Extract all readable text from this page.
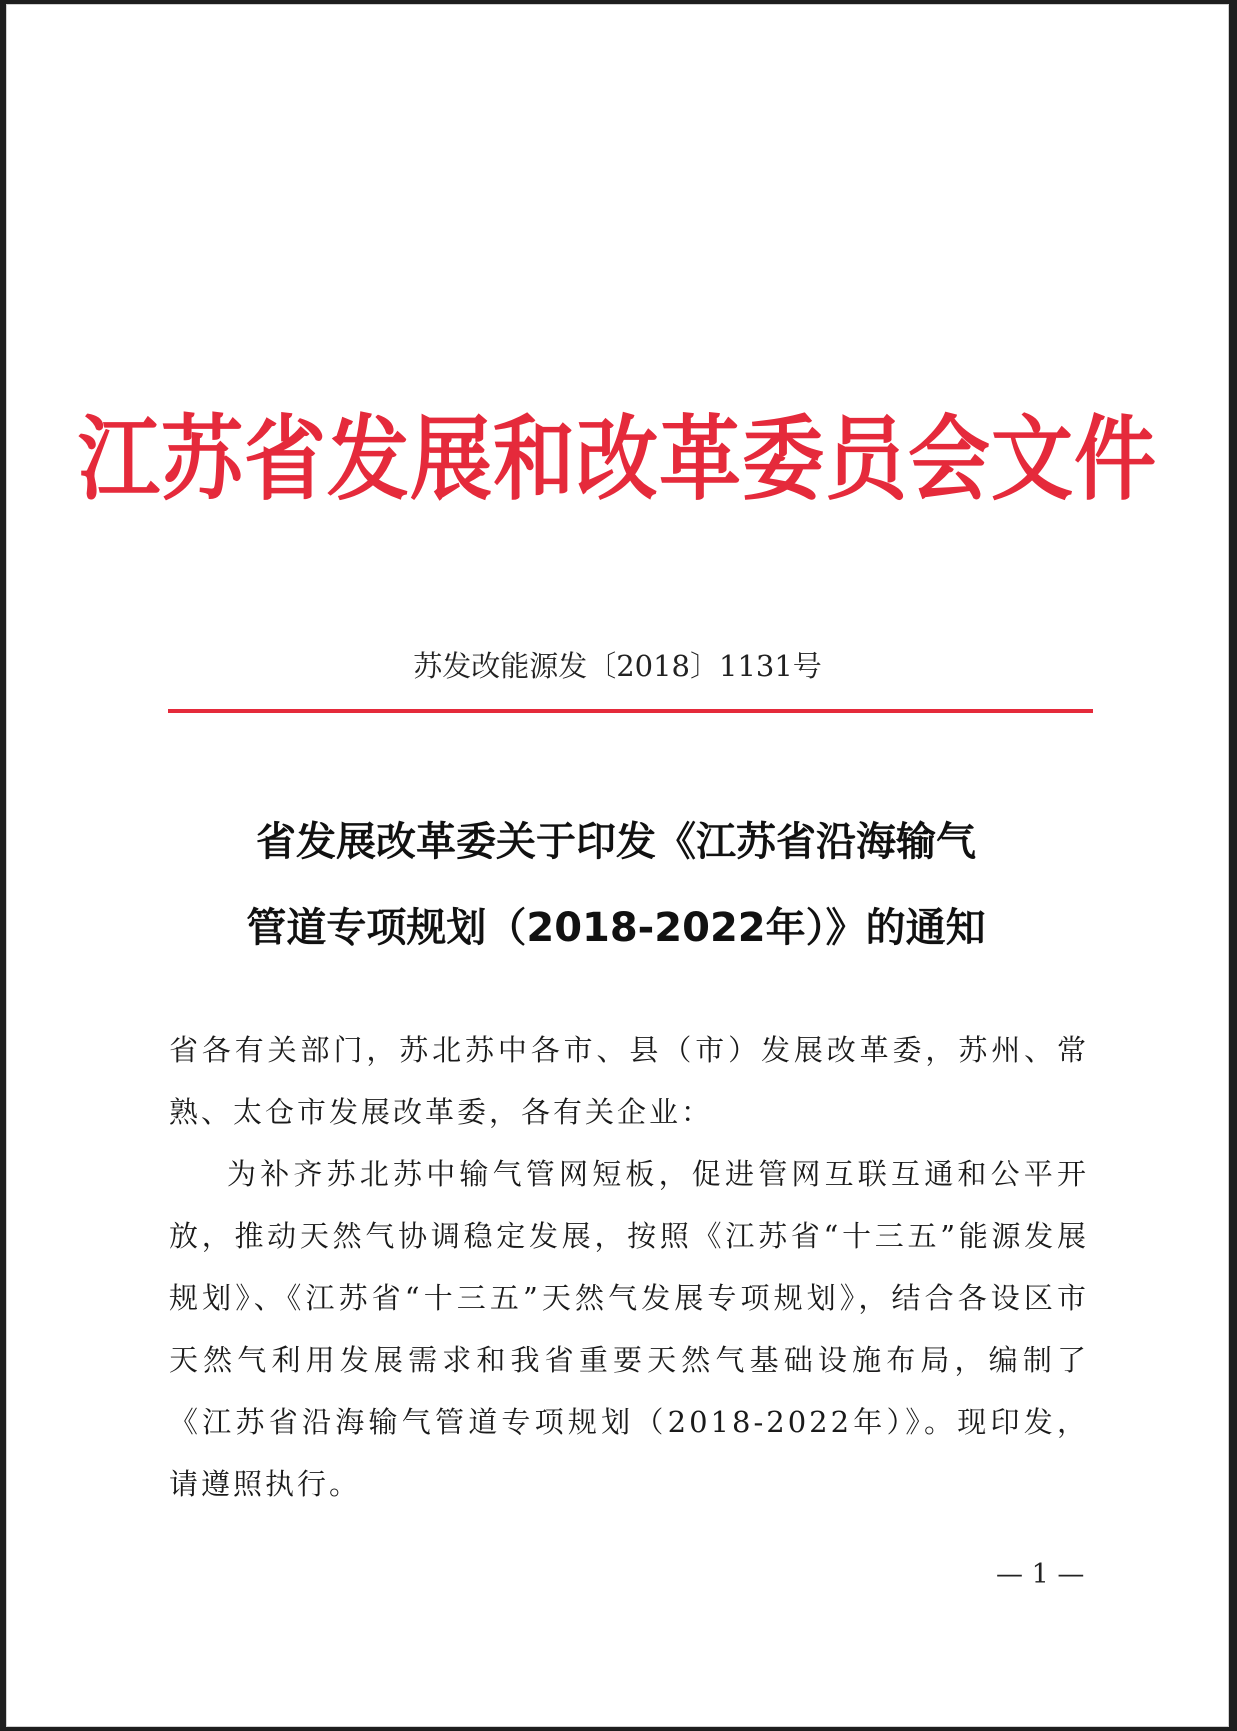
江苏省发展和改革委员会文件
苏发改能源发〔2018〕1131号
省发展改革委关于印发《江苏省沿海输气
管道专项规划（2018-2022年）》的通知

省各有关部门，苏北苏中各市、县（市）发展改革委，苏州、常熟、太仓市发展改革委，各有关企业：

为补齐苏北苏中输气管网短板，促进管网互联互通和公平开放，推动天然气协调稳定发展，按照《江苏省“十三五”能源发展规划》、《江苏省“十三五”天然气发展专项规划》，结合各设区市天然气利用发展需求和我省重要天然气基础设施布局，编制了《江苏省沿海输气管道专项规划（2018-2022年）》。现印发，请遵照执行。

— 1 —
